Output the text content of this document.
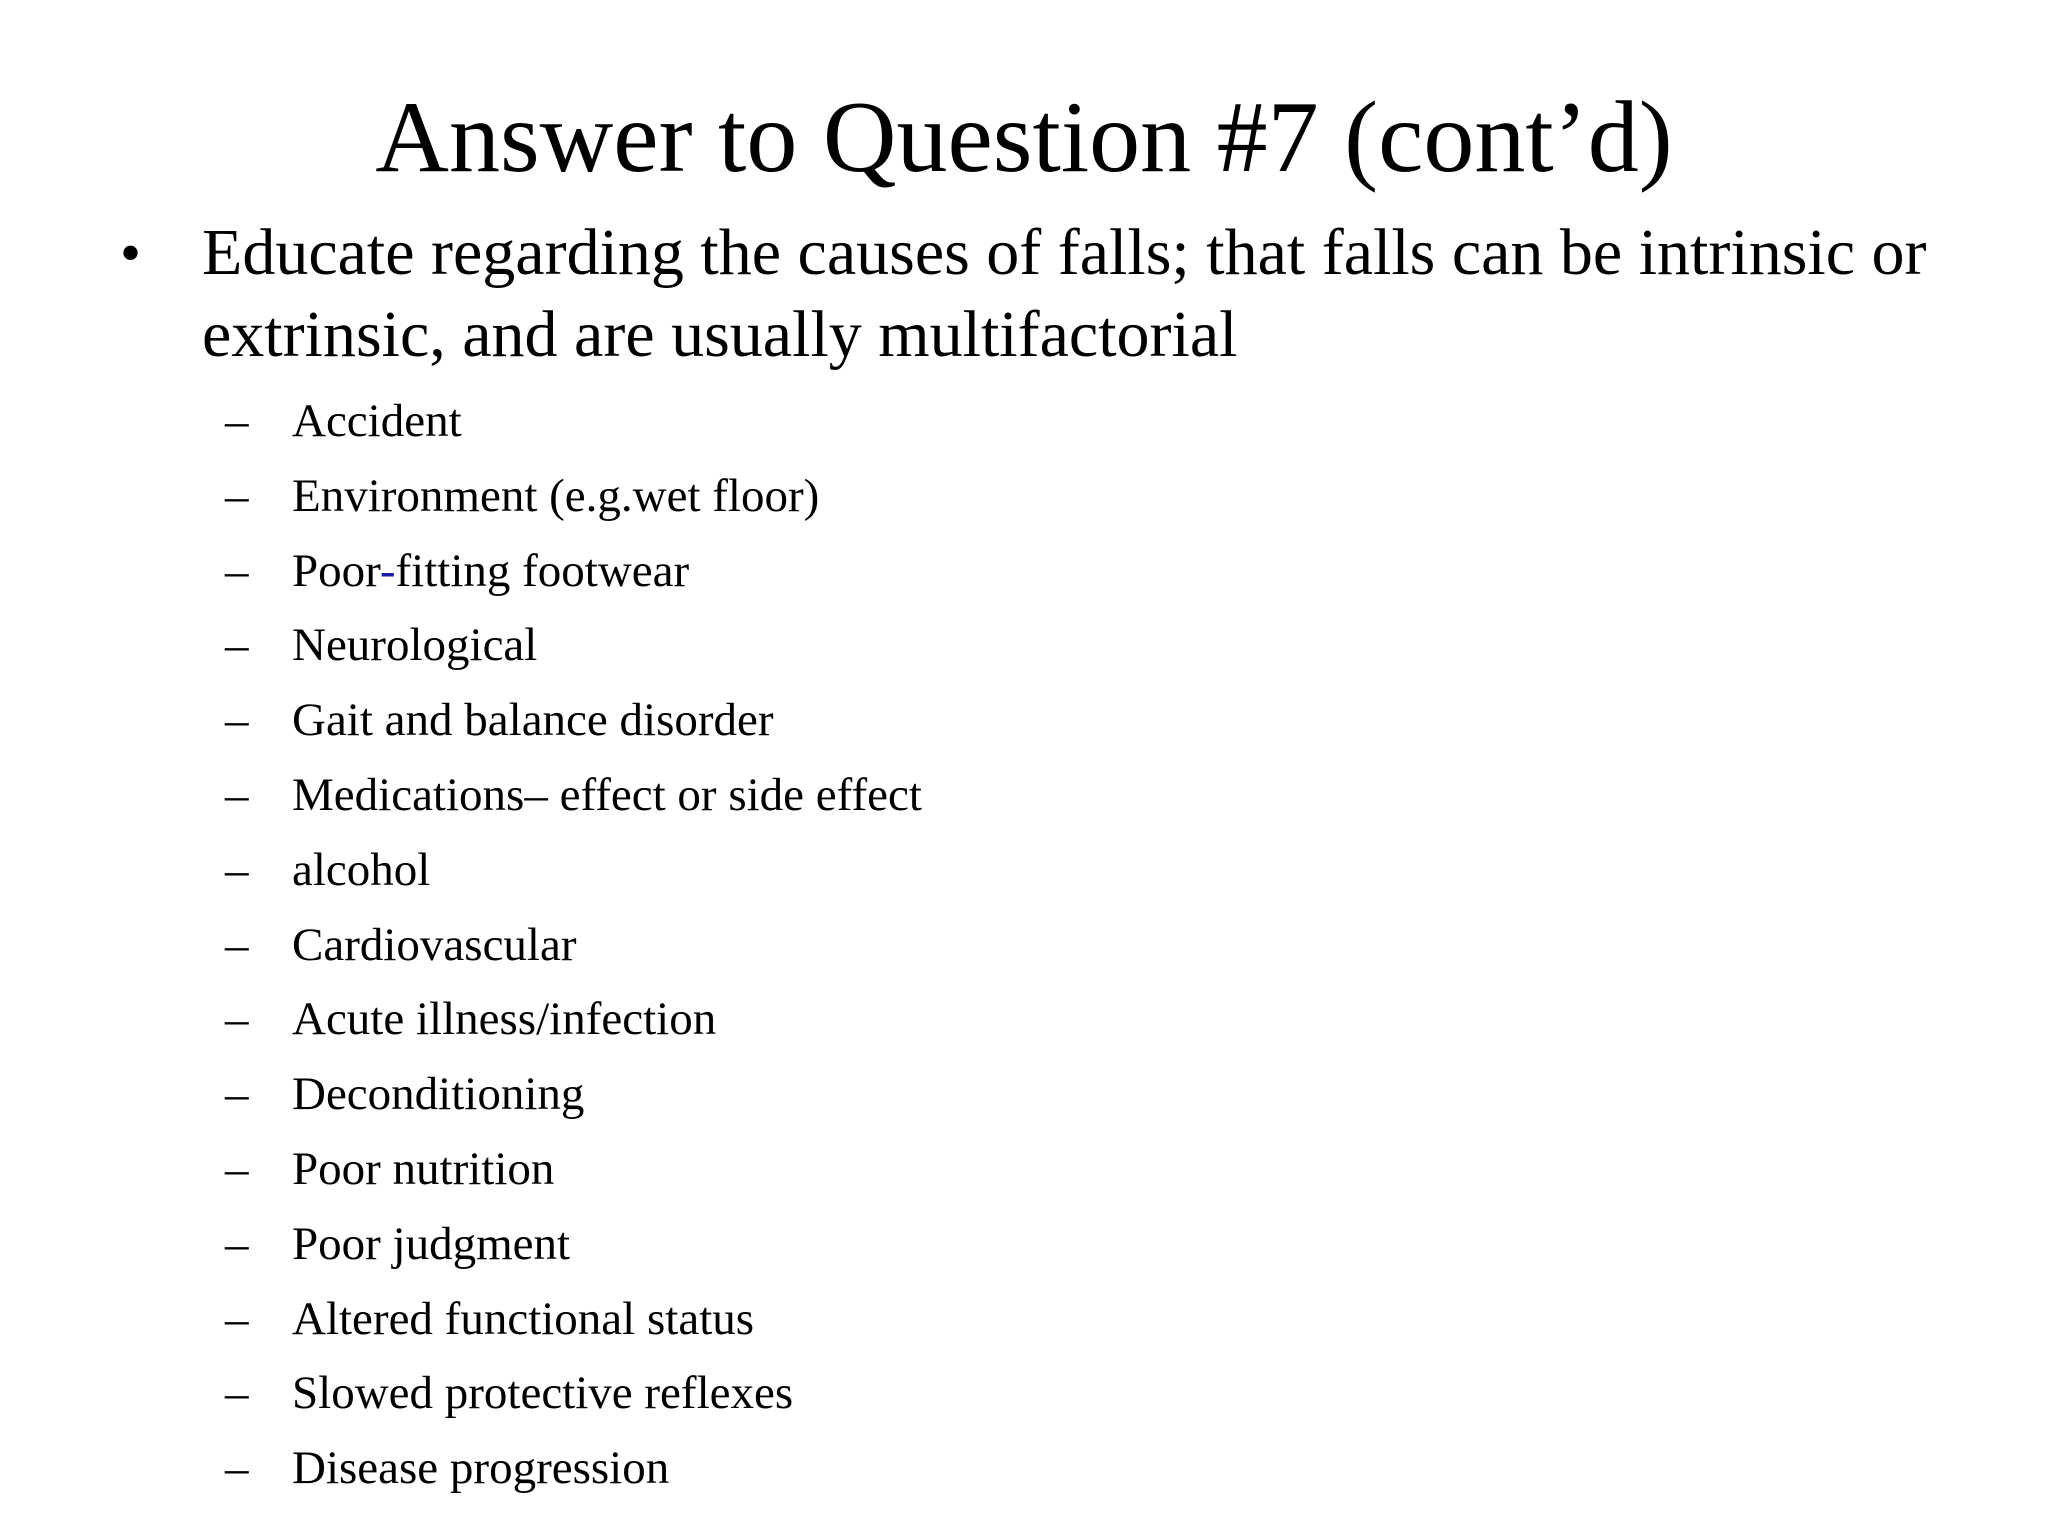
Answer to Question #7 (cont’d)
• Educate regarding the causes of falls; that falls can be intrinsic or extrinsic, and are usually multifactorial
– Accident
– Environment (e.g.wet floor)
– Poor-fitting footwear
– Neurological
– Gait and balance disorder
– Medications– effect or side effect
– alcohol
– Cardiovascular
– Acute illness/infection
– Deconditioning
– Poor nutrition
– Poor judgment
– Altered functional status
– Slowed protective reflexes
– Disease progression
